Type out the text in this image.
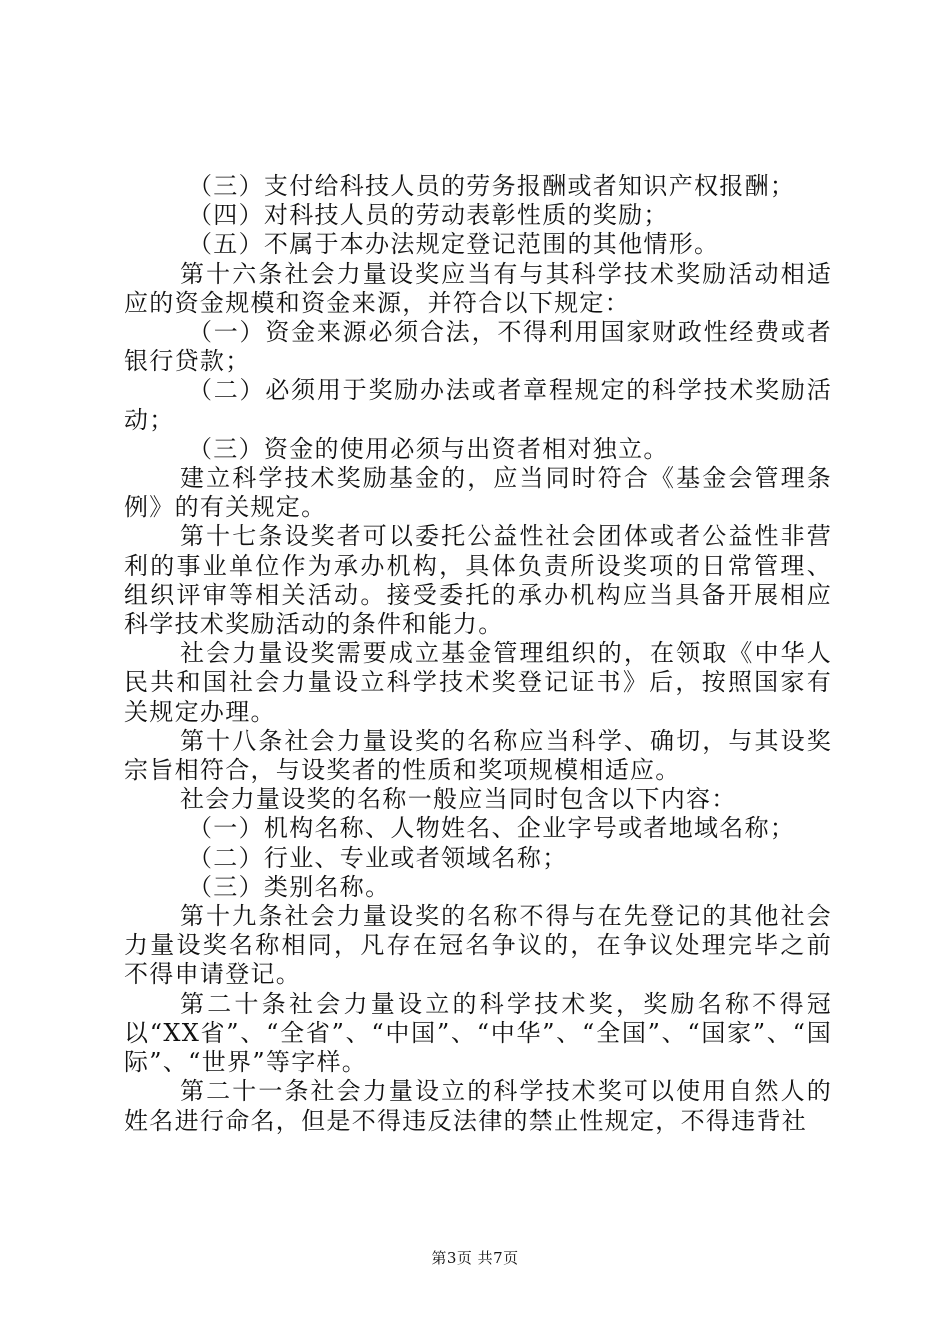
（三）支付给科技人员的劳务报酬或者知识产权报酬；

（四）对科技人员的劳动表彰性质的奖励；

（五）不属于本办法规定登记范围的其他情形。

第十六条社会力量设奖应当有与其科学技术奖励活动相适应的资金规模和资金来源，并符合以下规定：

（一）资金来源必须合法，不得利用国家财政性经费或者银行贷款；

（二）必须用于奖励办法或者章程规定的科学技术奖励活动；

（三）资金的使用必须与出资者相对独立。

建立科学技术奖励基金的，应当同时符合《基金会管理条例》的有关规定。

第十七条设奖者可以委托公益性社会团体或者公益性非营利的事业单位作为承办机构，具体负责所设奖项的日常管理、组织评审等相关活动。接受委托的承办机构应当具备开展相应科学技术奖励活动的条件和能力。

社会力量设奖需要成立基金管理组织的，在领取《中华人民共和国社会力量设立科学技术奖登记证书》后，按照国家有关规定办理。

第十八条社会力量设奖的名称应当科学、确切，与其设奖宗旨相符合，与设奖者的性质和奖项规模相适应。

社会力量设奖的名称一般应当同时包含以下内容：

（一）机构名称、人物姓名、企业字号或者地域名称；

（二）行业、专业或者领域名称；

（三）类别名称。

第十九条社会力量设奖的名称不得与在先登记的其他社会力量设奖名称相同，凡存在冠名争议的，在争议处理完毕之前不得申请登记。

第二十条社会力量设立的科学技术奖，奖励名称不得冠以“XX省”、“全省”、“中国”、“中华”、“全国”、“国家”、“国际”、“世界”等字样。

第二十一条社会力量设立的科学技术奖可以使用自然人的姓名进行命名，但是不得违反法律的禁止性规定，不得违背社

第3页 共7页
